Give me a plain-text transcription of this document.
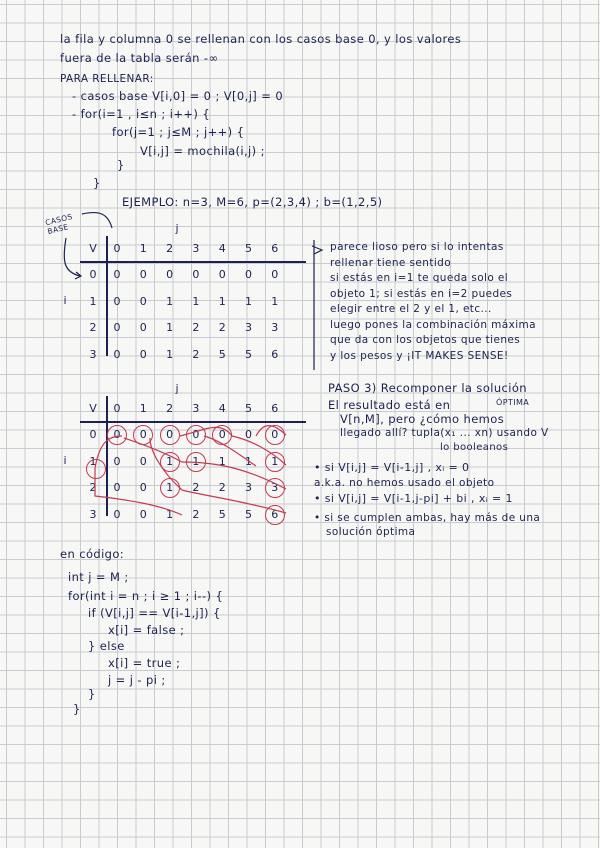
la fila y columna 0 se rellenan con los casos base 0, y los valores
fuera de la tabla serán -∞
PARA RELLENAR:
- casos base V[i,0] = 0 ; V[0,j] = 0
- for(i=1 , i≤n ; i++) {
for(j=1 ; j≤M ; j++) {
V[i,j] = mochila(i,j) ;
}
}
EJEMPLO: n=3, M=6, p=(2,3,4) ; b=(1,2,5)
CASOS BASE	j
V	0	1	2	3	4	5	6
0	0	0	0	0	0	0	0
1	0	0	1	1	1	1	1
2	0	0	1	2	2	3	3
3	0	0	1	2	5	5	6
i
parece lioso pero si lo intentas
rellenar tiene sentido
si estás en i=1 te queda solo el
objeto 1; si estás en i=2 puedes
elegir entre el 2 y el 1, etc...
luego pones la combinación máxima
que da con los objetos que tienes
y los pesos y ¡IT MAKES SENSE!
j
V	0	1	2	3	4	5	6
0	0	0	0	0	0	0	0
1	0	0	1	1	1	1	1
2	0	0	1	2	2	3	3
3	0	0	1	2	5	5	6
i
PASO 3) Recomponer la solución
ÓPTIMA
El resultado está en
V[n,M], pero ¿cómo hemos
llegado allí? tupla(x₁ ... xn) usando V
lo booleanos
• si V[i,j] = V[i-1,j] , xᵢ = 0
a.k.a. no hemos usado el objeto
• si V[i,j] = V[i-1,j-pi] + bi , xᵢ = 1
• si se cumplen ambas, hay más de una
solución óptima
en código:
int j = M ;
for(int i = n ; i ≥ 1 ; i--) {
if (V[i,j] == V[i-1,j]) {
x[i] = false ;
} else
x[i] = true ;
j = j - pi ;
}
}
